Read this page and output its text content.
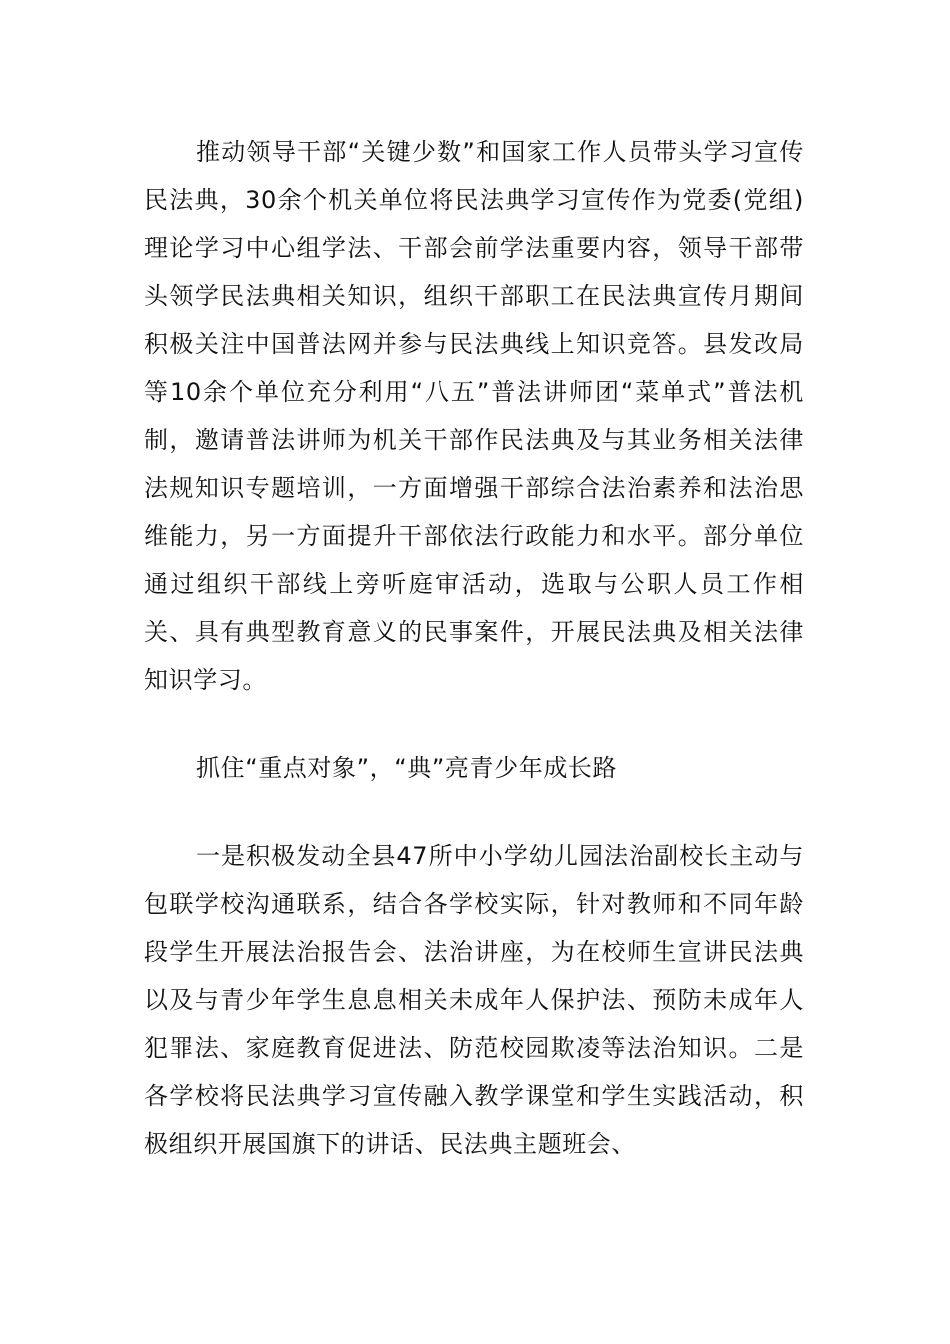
推动领导干部“关键少数”和国家工作人员带头学习宣传民法典，30余个机关单位将民法典学习宣传作为党委(党组)理论学习中心组学法、干部会前学法重要内容，领导干部带头领学民法典相关知识，组织干部职工在民法典宣传月期间积极关注中国普法网并参与民法典线上知识竞答。县发改局等10余个单位充分利用“八五”普法讲师团“菜单式”普法机制，邀请普法讲师为机关干部作民法典及与其业务相关法律法规知识专题培训，一方面增强干部综合法治素养和法治思维能力，另一方面提升干部依法行政能力和水平。部分单位通过组织干部线上旁听庭审活动，选取与公职人员工作相关、具有典型教育意义的民事案件，开展民法典及相关法律知识学习。

抓住“重点对象”，“典”亮青少年成长路

一是积极发动全县47所中小学幼儿园法治副校长主动与包联学校沟通联系，结合各学校实际，针对教师和不同年龄段学生开展法治报告会、法治讲座，为在校师生宣讲民法典以及与青少年学生息息相关未成年人保护法、预防未成年人犯罪法、家庭教育促进法、防范校园欺凌等法治知识。二是各学校将民法典学习宣传融入教学课堂和学生实践活动，积极组织开展国旗下的讲话、民法典主题班会、
